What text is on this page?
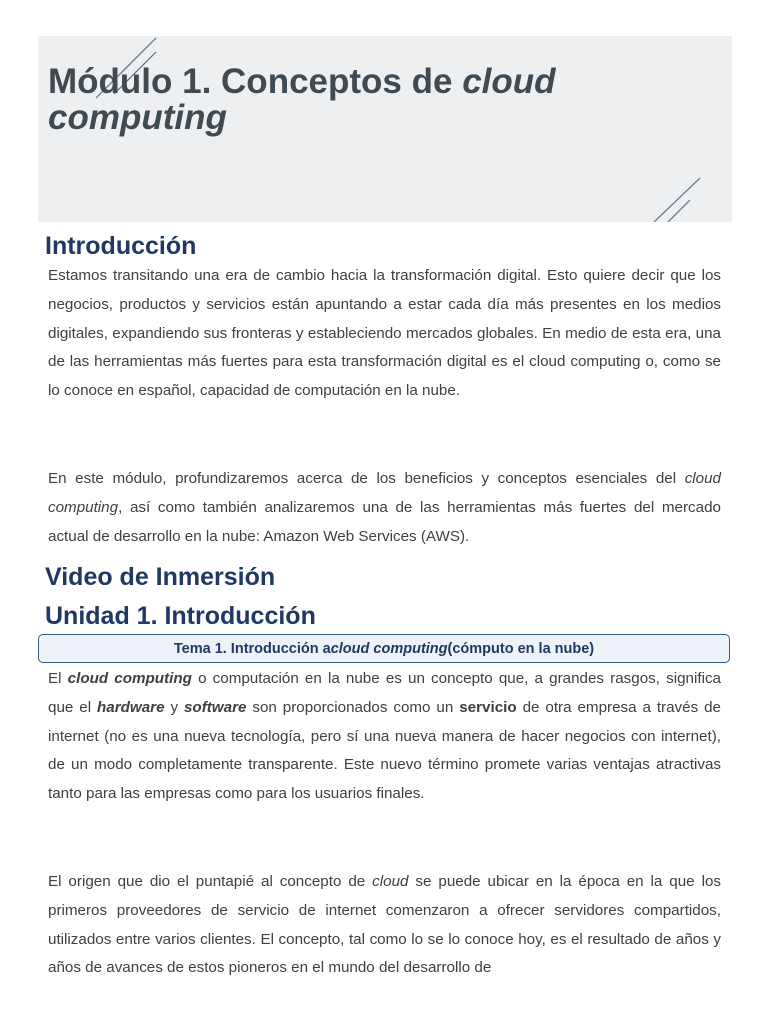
Módulo 1. Conceptos de cloud computing
Introducción

Estamos transitando una era de cambio hacia la transformación digital. Esto quiere decir que los negocios, productos y servicios están apuntando a estar cada día más presentes en los medios digitales, expandiendo sus fronteras y estableciendo mercados globales. En medio de esta era, una de las herramientas más fuertes para esta transformación digital es el cloud computing o, como se lo conoce en español, capacidad de computación en la nube.

En este módulo, profundizaremos acerca de los beneficios y conceptos esenciales del cloud computing, así como también analizaremos una de las herramientas más fuertes del mercado actual de desarrollo en la nube: Amazon Web Services (AWS).

Video de Inmersión
Unidad 1. Introducción
Tema 1. Introducción a cloud computing (cómputo en la nube)

El cloud computing o computación en la nube es un concepto que, a grandes rasgos, significa que el hardware y software son proporcionados como un servicio de otra empresa a través de internet (no es una nueva tecnología, pero sí una nueva manera de hacer negocios con internet), de un modo completamente transparente. Este nuevo término promete varias ventajas atractivas tanto para las empresas como para los usuarios finales.

El origen que dio el puntapié al concepto de cloud se puede ubicar en la época en la que los primeros proveedores de servicio de internet comenzaron a ofrecer servidores compartidos, utilizados entre varios clientes. El concepto, tal como lo se lo conoce hoy, es el resultado de años y años de avances de estos pioneros en el mundo del desarrollo de
